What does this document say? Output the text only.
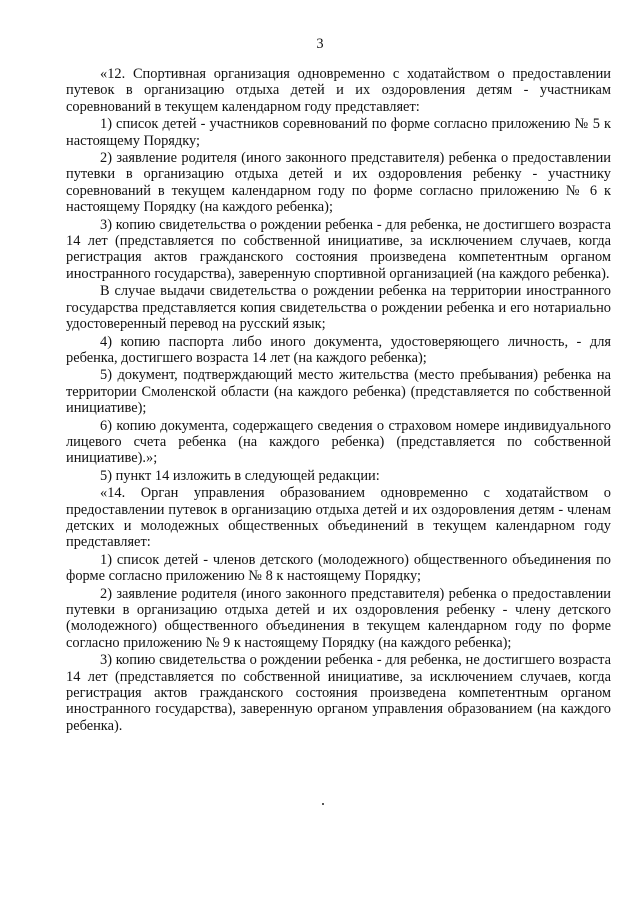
3

«12. Спортивная организация одновременно с ходатайством о предоставлении путевок в организацию отдыха детей и их оздоровления детям - участникам соревнований в текущем календарном году представляет:

1) список детей - участников соревнований по форме согласно приложению № 5 к настоящему Порядку;

2) заявление родителя (иного законного представителя) ребенка о предоставлении путевки в организацию отдыха детей и их оздоровления ребенку - участнику соревнований в текущем календарном году по форме согласно приложению № 6 к настоящему Порядку (на каждого ребенка);

3) копию свидетельства о рождении ребенка - для ребенка, не достигшего возраста 14 лет (представляется по собственной инициативе, за исключением случаев, когда регистрация актов гражданского состояния произведена компетентным органом иностранного государства), заверенную спортивной организацией (на каждого ребенка).

В случае выдачи свидетельства о рождении ребенка на территории иностранного государства представляется копия свидетельства о рождении ребенка и его нотариально удостоверенный перевод на русский язык;

4) копию паспорта либо иного документа, удостоверяющего личность, - для ребенка, достигшего возраста 14 лет (на каждого ребенка);

5) документ, подтверждающий место жительства (место пребывания) ребенка на территории Смоленской области (на каждого ребенка) (представляется по собственной инициативе);

6) копию документа, содержащего сведения о страховом номере индивидуального лицевого счета ребенка (на каждого ребенка) (представляется по собственной инициативе).»;

5) пункт 14 изложить в следующей редакции:

«14. Орган управления образованием одновременно с ходатайством о предоставлении путевок в организацию отдыха детей и их оздоровления детям - членам детских и молодежных общественных объединений в текущем календарном году представляет:

1) список детей - членов детского (молодежного) общественного объединения по форме согласно приложению № 8 к настоящему Порядку;

2) заявление родителя (иного законного представителя) ребенка о предоставлении путевки в организацию отдыха детей и их оздоровления ребенку - члену детского (молодежного) общественного объединения в текущем календарном году по форме согласно приложению № 9 к настоящему Порядку (на каждого ребенка);

3) копию свидетельства о рождении ребенка - для ребенка, не достигшего возраста 14 лет (представляется по собственной инициативе, за исключением случаев, когда регистрация актов гражданского состояния произведена компетентным органом иностранного государства), заверенную органом управления образованием (на каждого ребенка).
